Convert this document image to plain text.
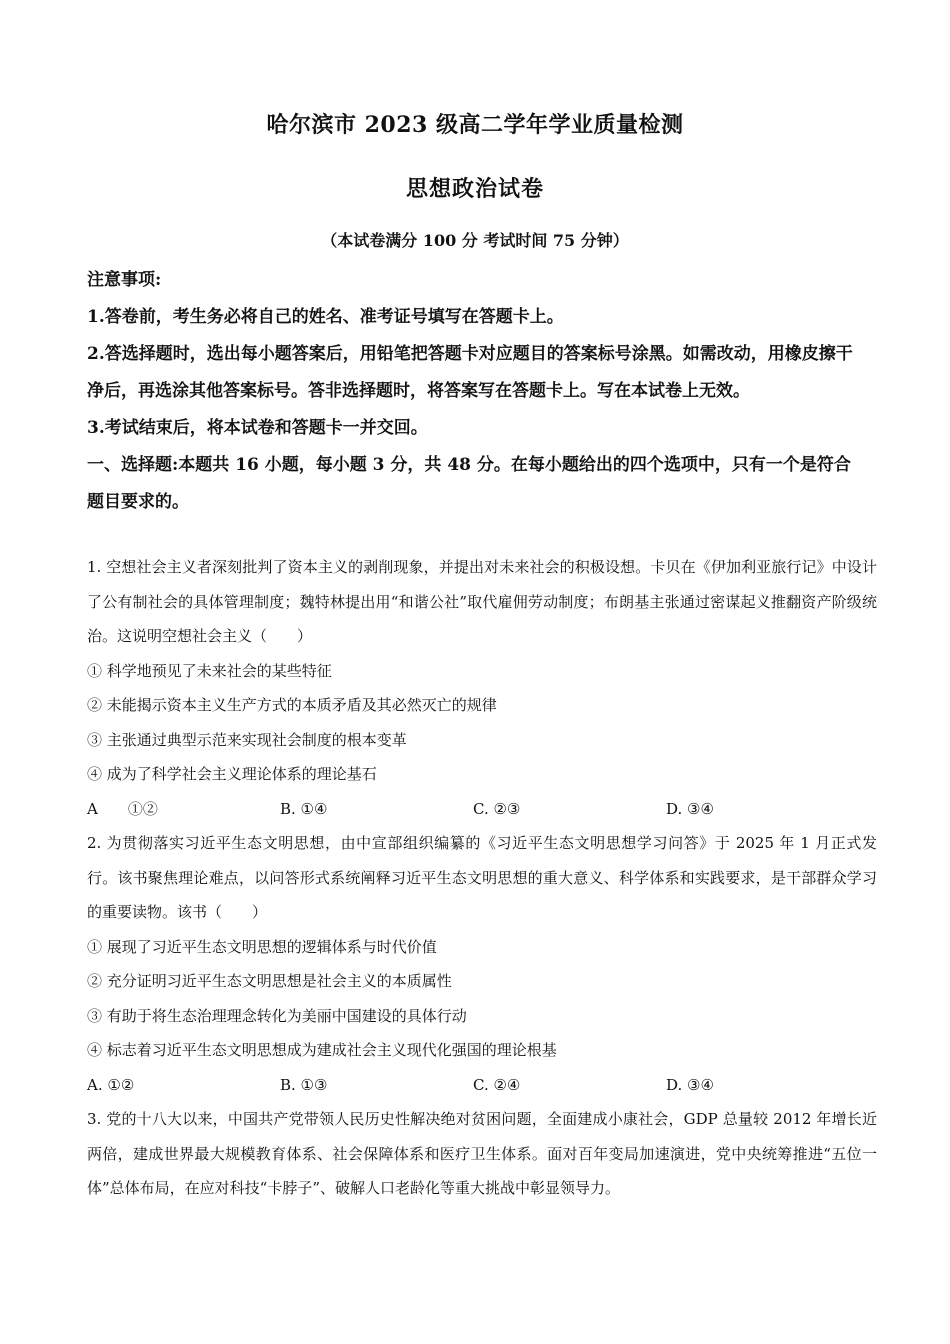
哈尔滨市 2023 级高二学年学业质量检测
思想政治试卷
（本试卷满分 100 分 考试时间 75 分钟）
注意事项:
1.答卷前，考生务必将自己的姓名、准考证号填写在答题卡上。
2.答选择题时，选出每小题答案后，用铅笔把答题卡对应题目的答案标号涂黑。如需改动，用橡皮擦干净后，再选涂其他答案标号。答非选择题时，将答案写在答题卡上。写在本试卷上无效。
3.考试结束后，将本试卷和答题卡一并交回。
一、选择题:本题共 16 小题，每小题 3 分，共 48 分。在每小题给出的四个选项中，只有一个是符合题目要求的。
1. 空想社会主义者深刻批判了资本主义的剥削现象，并提出对未来社会的积极设想。卡贝在《伊加利亚旅行记》中设计了公有制社会的具体管理制度；魏特林提出用“和谐公社”取代雇佣劳动制度；布朗基主张通过密谋起义推翻资产阶级统治。这说明空想社会主义（　　）
① 科学地预见了未来社会的某些特征
② 未能揭示资本主义生产方式的本质矛盾及其必然灭亡的规律
③ 主张通过典型示范来实现社会制度的根本变革
④ 成为了科学社会主义理论体系的理论基石
A　　①②	B. ①④	C. ②③	D. ③④
2. 为贯彻落实习近平生态文明思想，由中宣部组织编纂的《习近平生态文明思想学习问答》于 2025 年 1 月正式发行。该书聚焦理论难点，以问答形式系统阐释习近平生态文明思想的重大意义、科学体系和实践要求，是干部群众学习的重要读物。该书（　　）
① 展现了习近平生态文明思想的逻辑体系与时代价值
② 充分证明习近平生态文明思想是社会主义的本质属性
③ 有助于将生态治理理念转化为美丽中国建设的具体行动
④ 标志着习近平生态文明思想成为建成社会主义现代化强国的理论根基
A. ①②	B. ①③	C. ②④	D. ③④
3. 党的十八大以来，中国共产党带领人民历史性解决绝对贫困问题，全面建成小康社会，GDP 总量较 2012 年增长近两倍，建成世界最大规模教育体系、社会保障体系和医疗卫生体系。面对百年变局加速演进，党中央统筹推进“五位一体”总体布局，在应对科技“卡脖子”、破解人口老龄化等重大挑战中彰显领导力。
